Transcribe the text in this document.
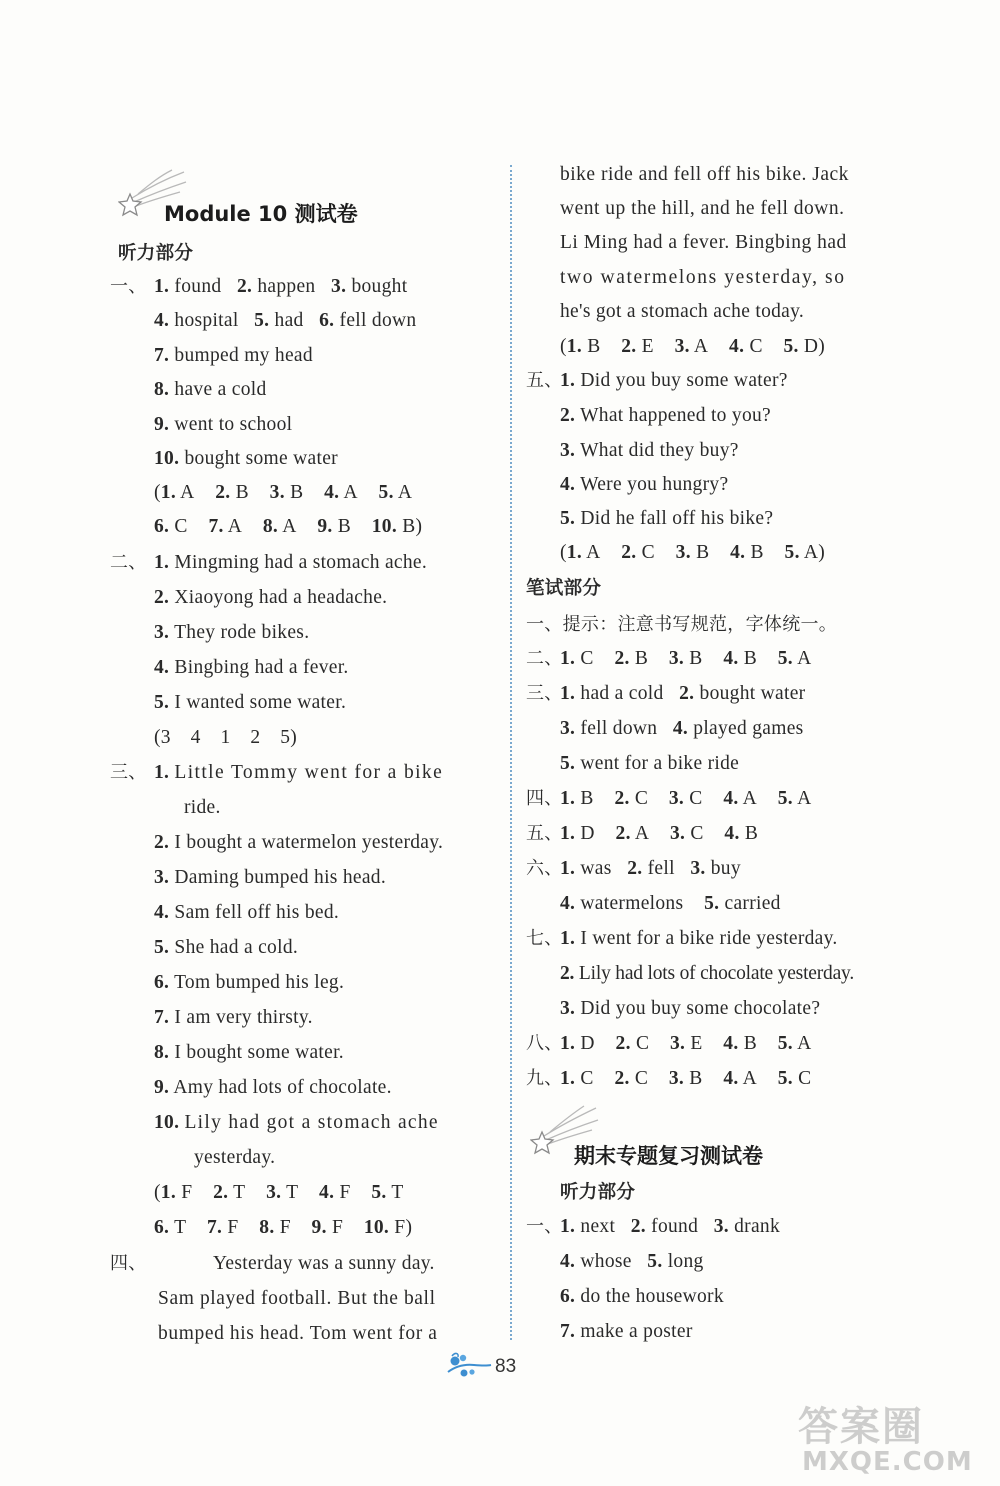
Module 10 测试卷
听力部分
一、 1. found 2. happen 3. bought
4. hospital 5. had 6. fell down
7. bumped my head
8. have a cold
9. went to school
10. bought some water
(1. A 2. B 3. B 4. A 5. A
6. C 7. A 8. A 9. B 10. B)
二、 1. Mingming had a stomach ache.
2. Xiaoyong had a headache.
3. They rode bikes.
4. Bingbing had a fever.
5. I wanted some water.
(3　4　1　2　5)
三、 1. Little Tommy went for a bike
ride.
2. I bought a watermelon yesterday.
3. Daming bumped his head.
4. Sam fell off his bed.
5. She had a cold.
6. Tom bumped his leg.
7. I am very thirsty.
8. I bought some water.
9. Amy had lots of chocolate.
10. Lily had got a stomach ache
yesterday.
(1. F 2. T 3. T 4. F 5. T
6. T 7. F 8. F 9. F 10. F)
四、	Yesterday was a sunny day.
Sam played football. But the ball
bumped his head. Tom went for a
bike ride and fell off his bike. Jack
went up the hill, and he fell down.
Li Ming had a fever. Bingbing had
two watermelons yesterday, so
he's got a stomach ache today.
(1. B 2. E 3. A 4. C 5. D)
五、
1. Did you buy some water?
2. What happened to you?
3. What did they buy?
4. Were you hungry?
5. Did he fall off his bike?
(1. A 2. C 3. B 4. B 5. A)
笔试部分
一、提示：注意书写规范，字体统一。
二、
1. C 2. B 3. B 4. B 5. A
三、
1. had a cold 2. bought water
3. fell down 4. played games
5. went for a bike ride
四、
1. B 2. C 3. C 4. A 5. A
五、
1. D 2. A 3. C 4. B
六、
1. was 2. fell 3. buy
4. watermelons 5. carried
七、
1. I went for a bike ride yesterday.
2. Lily had lots of chocolate yesterday.
3. Did you buy some chocolate?
八、
1. D 2. C 3. E 4. B 5. A
九、
1. C 2. C 3. B 4. A 5. C
期末专题复习测试卷
听力部分
一、
1. next 2. found 3. drank
4. whose 5. long
6. do the housework
7. make a poster
83
答案圈
MXQE.COM
